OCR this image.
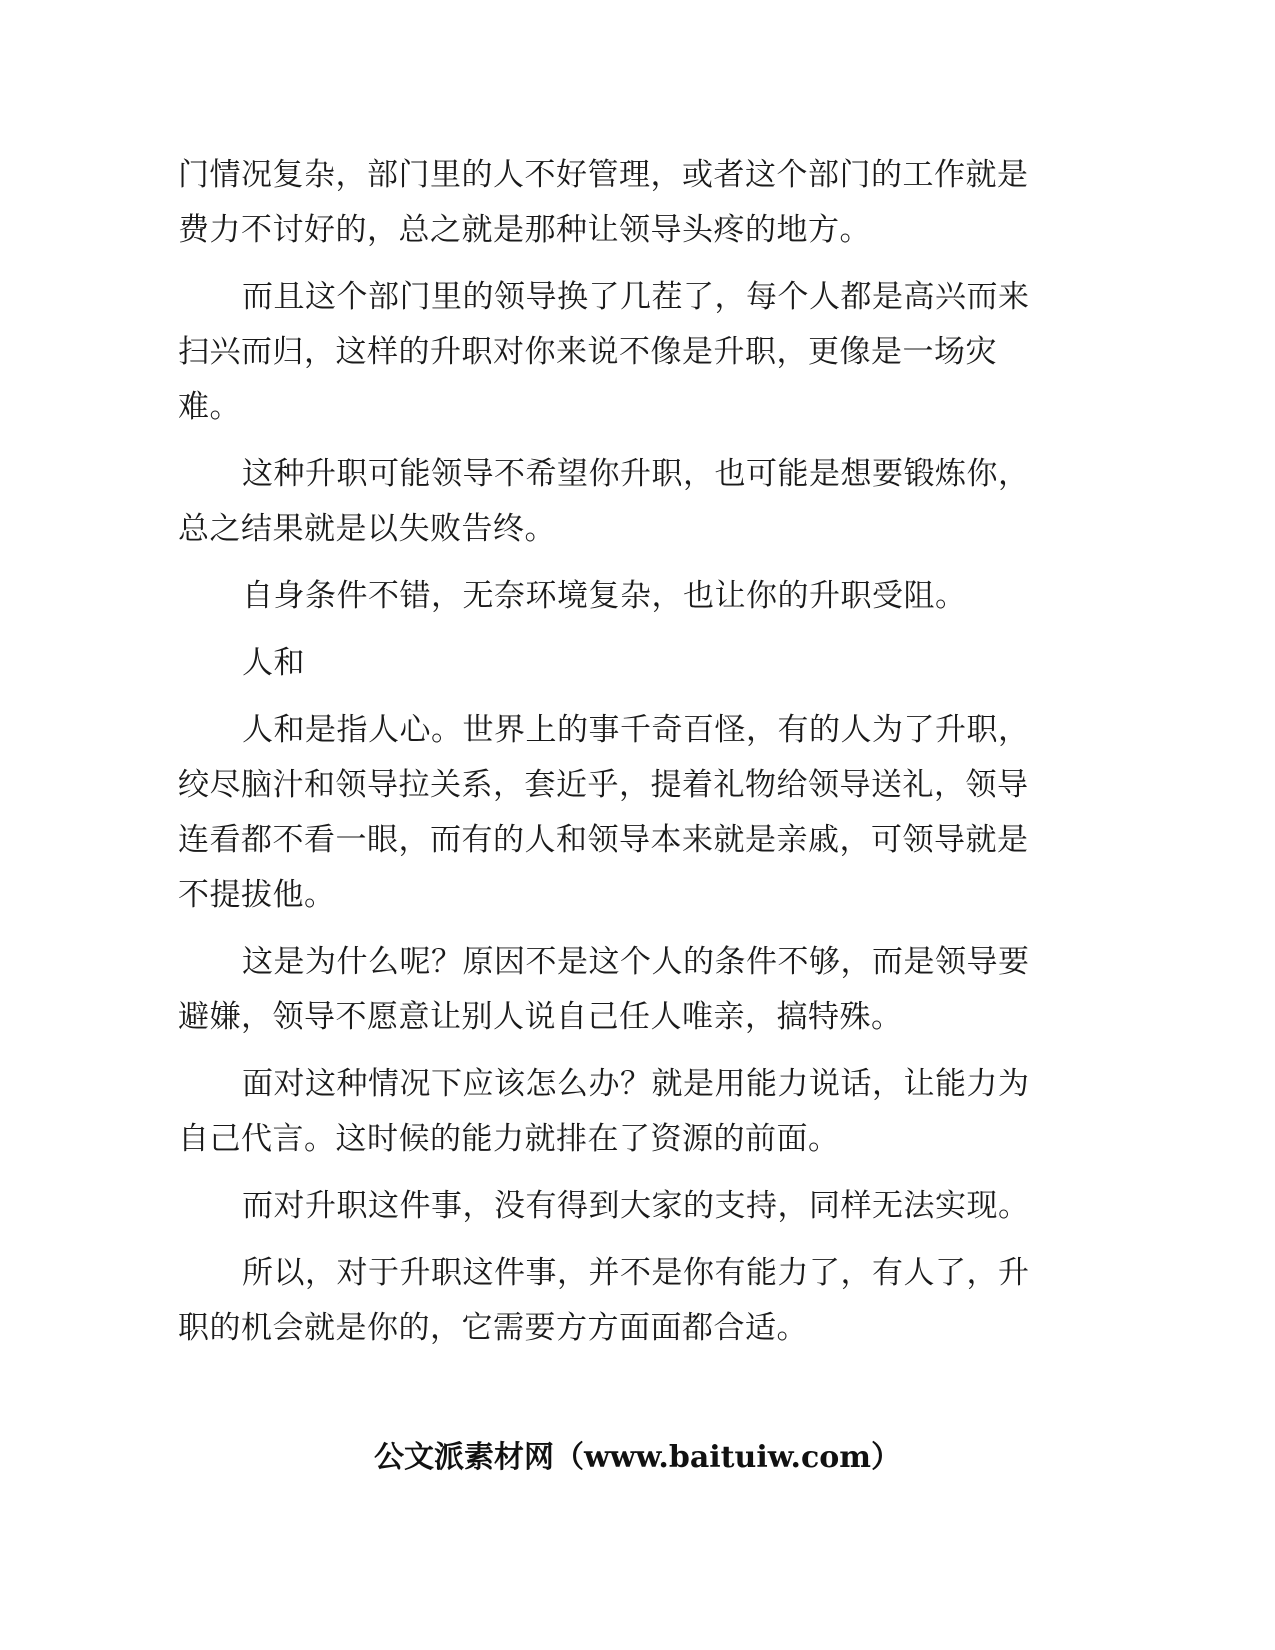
门情况复杂，部门里的人不好管理，或者这个部门的工作就是费力不讨好的，总之就是那种让领导头疼的地方。

而且这个部门里的领导换了几茬了，每个人都是高兴而来扫兴而归，这样的升职对你来说不像是升职，更像是一场灾难。

这种升职可能领导不希望你升职，也可能是想要锻炼你，总之结果就是以失败告终。

自身条件不错，无奈环境复杂，也让你的升职受阻。

人和

人和是指人心。世界上的事千奇百怪，有的人为了升职，绞尽脑汁和领导拉关系，套近乎，提着礼物给领导送礼，领导连看都不看一眼，而有的人和领导本来就是亲戚，可领导就是不提拔他。

这是为什么呢？原因不是这个人的条件不够，而是领导要避嫌，领导不愿意让别人说自己任人唯亲，搞特殊。

面对这种情况下应该怎么办？就是用能力说话，让能力为自己代言。这时候的能力就排在了资源的前面。

而对升职这件事，没有得到大家的支持，同样无法实现。

所以，对于升职这件事，并不是你有能力了，有人了，升职的机会就是你的，它需要方方面面都合适。

公文派素材网（www.baituiw.com）
